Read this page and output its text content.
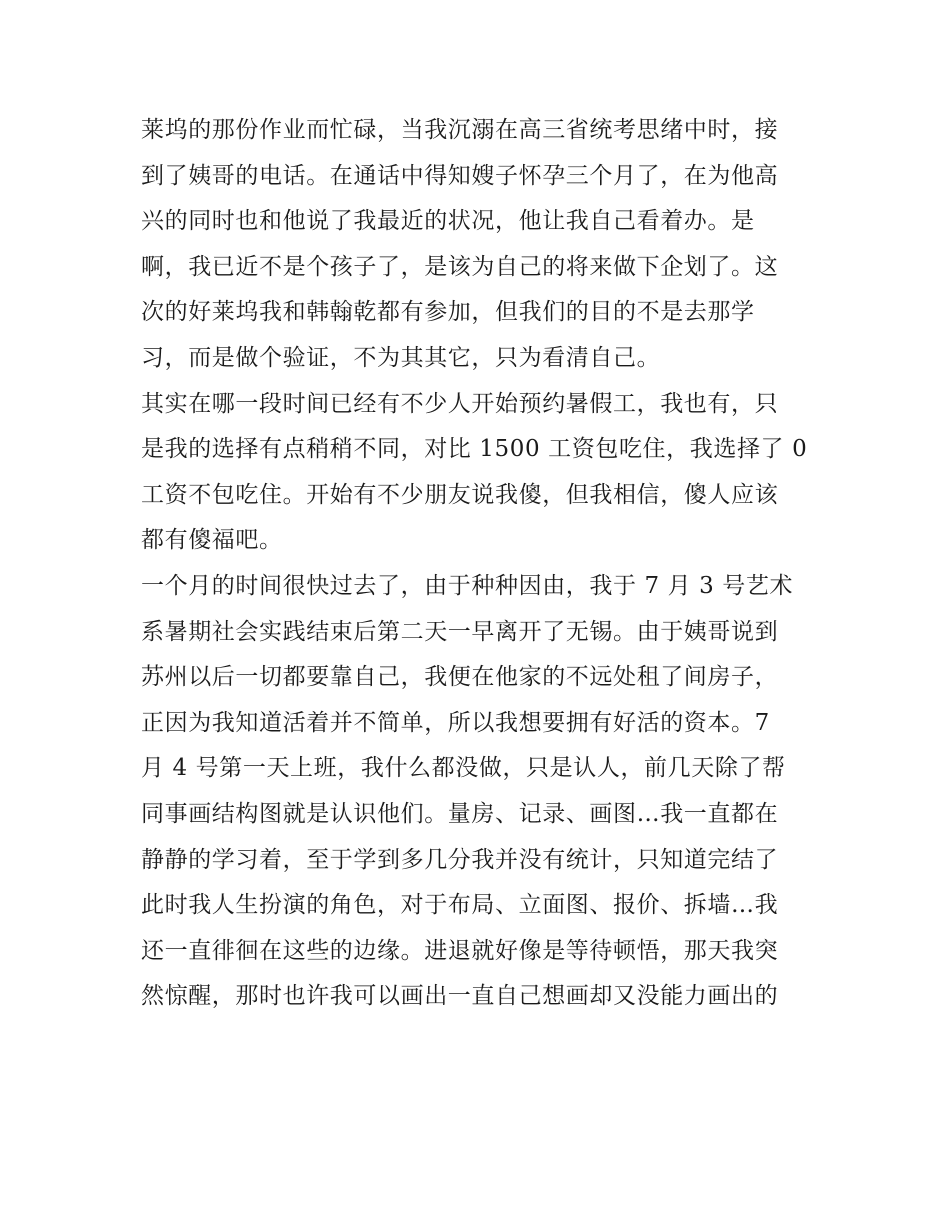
莱坞的那份作业而忙碌，当我沉溺在高三省统考思绪中时，接
到了姨哥的电话。在通话中得知嫂子怀孕三个月了，在为他高
兴的同时也和他说了我最近的状况，他让我自己看着办。是
啊，我已近不是个孩子了，是该为自己的将来做下企划了。这
次的好莱坞我和韩翰乾都有参加，但我们的目的不是去那学
习，而是做个验证，不为其其它，只为看清自己。
其实在哪一段时间已经有不少人开始预约暑假工，我也有，只
是我的选择有点稍稍不同，对比 1500 工资包吃住，我选择了 0
工资不包吃住。开始有不少朋友说我傻，但我相信，傻人应该
都有傻福吧。
一个月的时间很快过去了，由于种种因由，我于 7 月 3 号艺术
系暑期社会实践结束后第二天一早离开了无锡。由于姨哥说到
苏州以后一切都要靠自己，我便在他家的不远处租了间房子，
正因为我知道活着并不简单，所以我想要拥有好活的资本。7
月 4 号第一天上班，我什么都没做，只是认人，前几天除了帮
同事画结构图就是认识他们。量房、记录、画图…我一直都在
静静的学习着，至于学到多几分我并没有统计，只知道完结了
此时我人生扮演的角色，对于布局、立面图、报价、拆墙…我
还一直徘徊在这些的边缘。进退就好像是等待顿悟，那天我突
然惊醒，那时也许我可以画出一直自己想画却又没能力画出的
